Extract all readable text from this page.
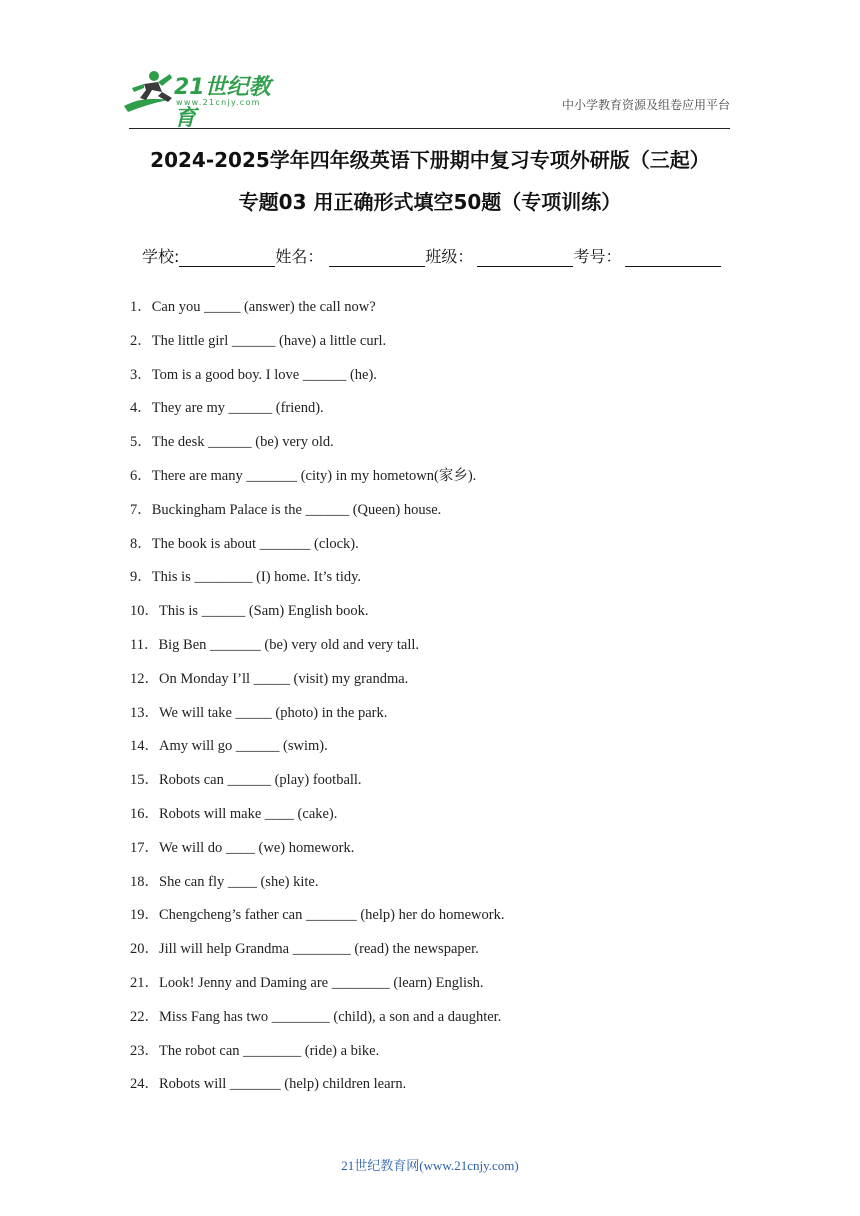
21世纪教育
www.21cnjy.com	中小学教育资源及组卷应用平台
2024-2025学年四年级英语下册期中复习专项外研版（三起）
专题03 用正确形式填空50题（专项训练）
学校:	姓名：	班级：	考号：
1．Can you _____ (answer) the call now?
2．The little girl ______ (have) a little curl.
3．Tom is a good boy. I love ______ (he).
4．They are my ______ (friend).
5．The desk ______ (be) very old.
6．There are many _______ (city) in my hometown(家乡).
7．Buckingham Palace is the ______ (Queen) house.
8．The book is about _______ (clock).
9．This is ________ (I) home. It’s tidy.
10．This is ______ (Sam) English book.
11．Big Ben _______ (be) very old and very tall.
12．On Monday I’ll _____ (visit) my grandma.
13．We will take _____ (photo) in the park.
14．Amy will go ______ (swim).
15．Robots can ______ (play) football.
16．Robots will make ____ (cake).
17．We will do ____ (we) homework.
18．She can fly ____ (she) kite.
19．Chengcheng’s father can _______ (help) her do homework.
20．Jill will help Grandma ________ (read) the newspaper.
21．Look! Jenny and Daming are ________ (learn) English.
22．Miss Fang has two ________ (child), a son and a daughter.
23．The robot can ________ (ride) a bike.
24．Robots will _______ (help) children learn.
21世纪教育网(www.21cnjy.com)
